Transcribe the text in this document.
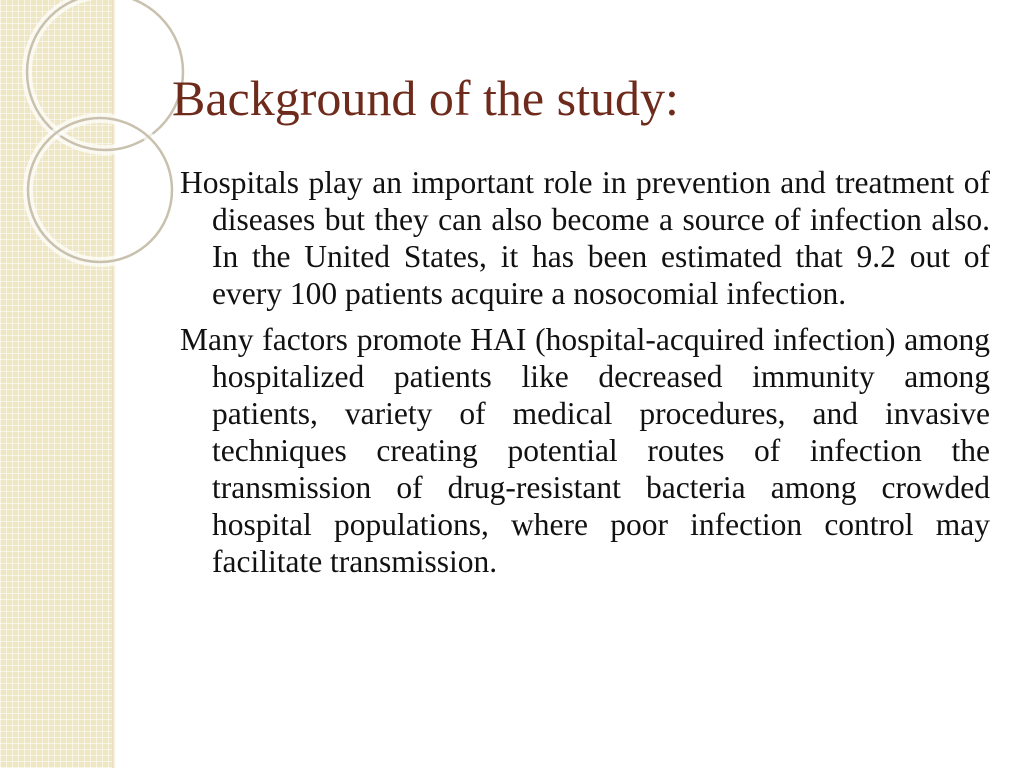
Background of the study:

Hospitals play an important role in prevention and treatment of diseases but they can also become a source of infection also. In the United States, it has been estimated that 9.2 out of every 100 patients acquire a nosocomial infection.

Many factors promote HAI (hospital-acquired infection) among hospitalized patients like decreased immunity among patients, variety of medical procedures, and invasive techniques creating potential routes of infection the transmission of drug-resistant bacteria among crowded hospital populations, where poor infection control may facilitate transmission.
